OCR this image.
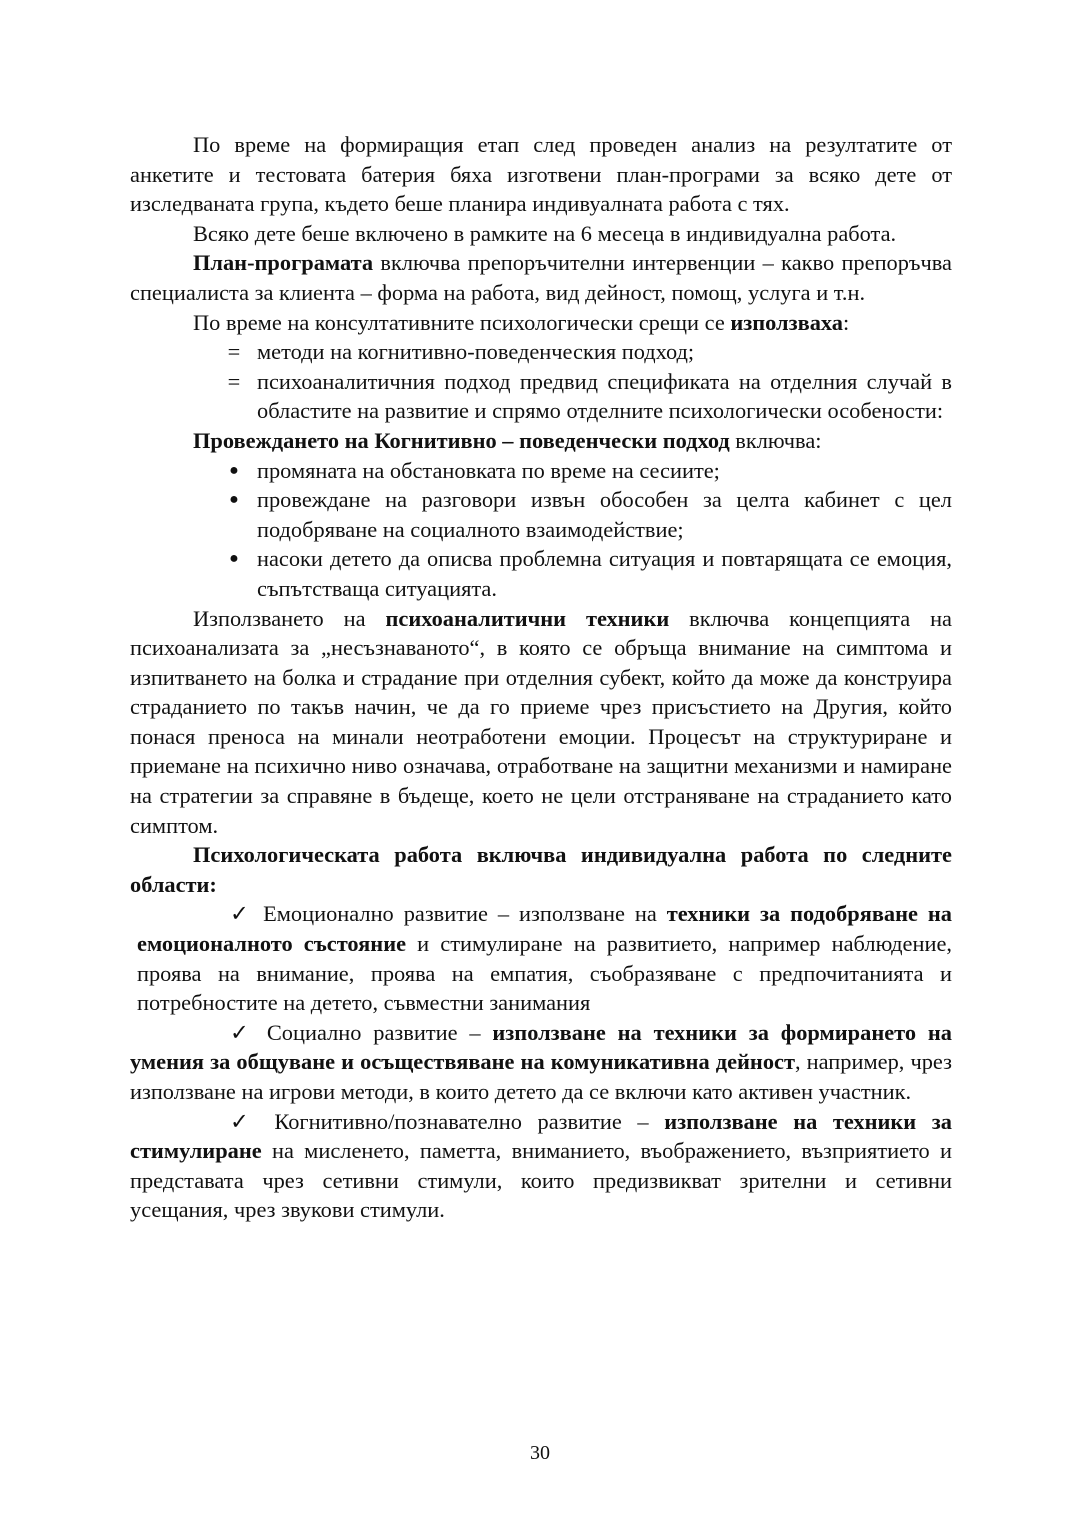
По време на формиращия етап след проведен анализ на резултатите от анкетите и тестовата батерия бяха изготвени план-програми за всяко дете от изследваната група, където беше планира индивуалната работа с тях.

Всяко дете беше включено в рамките на 6 месеца в индивидуална работа.

План-програмата включва препоръчителни интервенции – какво препоръчва специалиста за клиента – форма на работа, вид дейност, помощ, услуга и т.н.

По време на консултативните психологически срещи се използваха:

= методи на когнитивно-поведенческия подход;
= психоаналитичния подход предвид спецификата на отделния случай в областите на развитие и спрямо отделните психологически особености:

Провеждането на Когнитивно – поведенчески подход включва:

● промяната на обстановката по време на сесиите;
● провеждане на разговори извън обособен за целта кабинет с цел подобряване на социалното взаимодействие;
● насоки детето да описва проблемна ситуация и повтарящата се емоция, съпътстваща ситуацията.

Използването на психоаналитични техники включва концепцията на психоанализата за „несъзнаваното“, в която се обръща внимание на симптома и изпитването на болка и страдание при отделния субект, който да може да конструира страданието по такъв начин, че да го приеме чрез присъстието на Другия, който понася преноса на минали неотработени емоции. Процесът на структуриране и приемане на психично ниво означава, отработване на защитни механизми и намиране на стратегии за справяне в бъдеще, което не цели отстраняване на страданието като симптом.

Психологическата работа включва индивидуална работа по следните области:

✓ Емоционално развитие – използване на техники за подобряване на емоционалното състояние и стимулиране на развитието, например наблюдение, проява на внимание, проява на емпатия, съобразяване с предпочитанията и потребностите на детето, съвместни занимания

✓ Социално развитие – използване на техники за формирането на умения за общуване и осъществяване на комуникативна дейност, например, чрез използване на игрови методи, в които детето да се включи като активен участник.

✓ Когнитивно/познавателно развитие – използване на техники за стимулиране на мисленето, паметта, вниманието, въображението, възприятието и представата чрез сетивни стимули, които предизвикват зрителни и сетивни усещания, чрез звукови стимули.

30
